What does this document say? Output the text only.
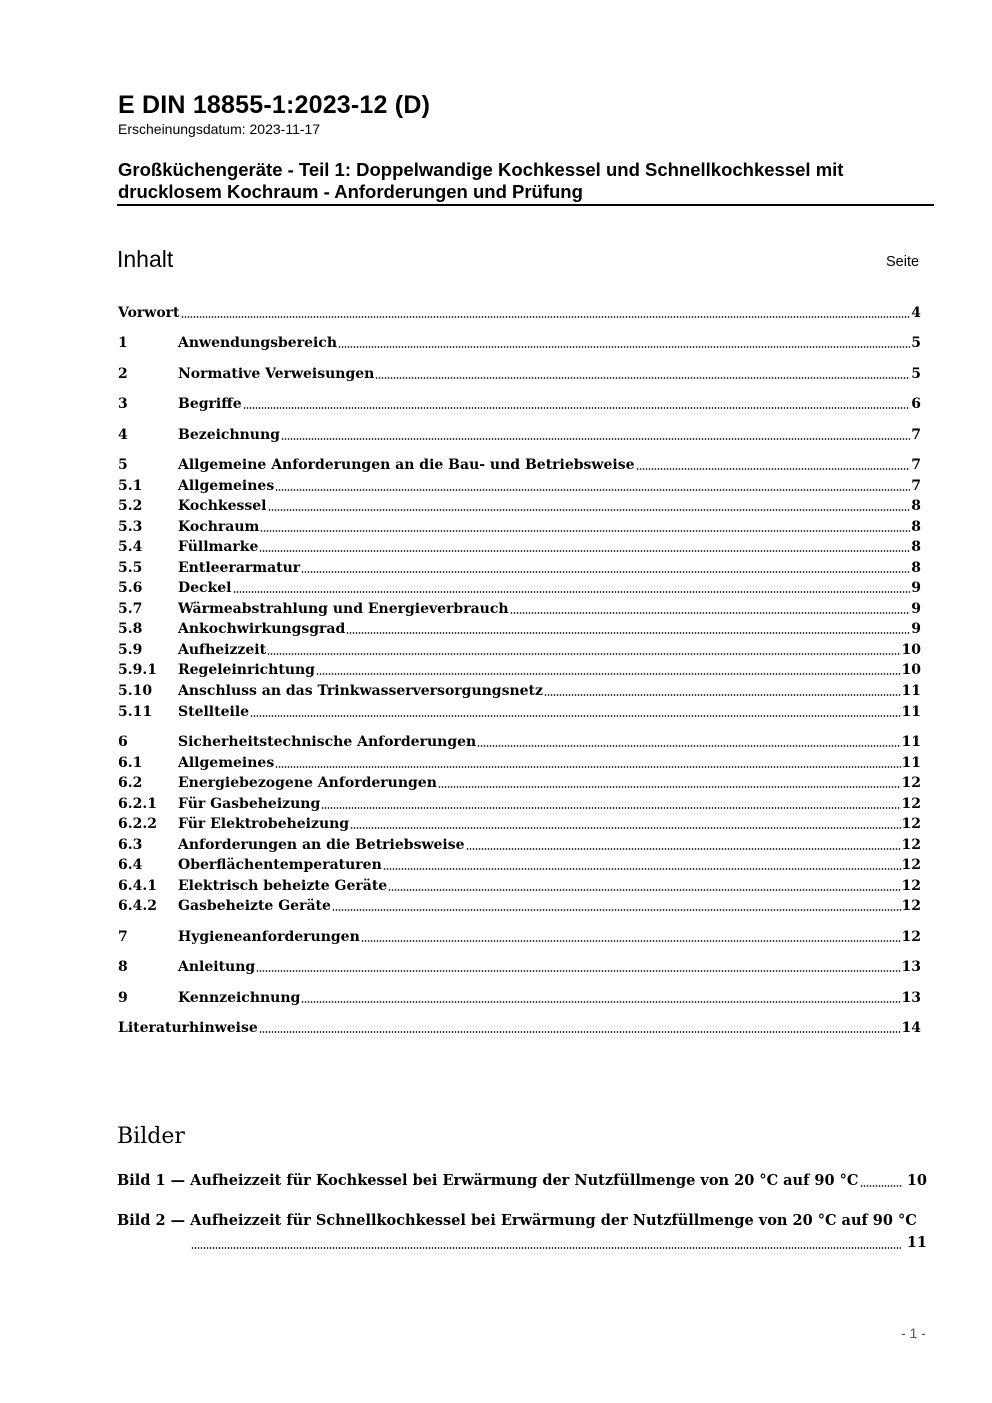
E DIN 18855-1:2023-12 (D)
Erscheinungsdatum: 2023-11-17
Großküchengeräte - Teil 1: Doppelwandige Kochkessel und Schnellkochkessel mit drucklosem Kochraum - Anforderungen und Prüfung
Inhalt	Seite
Vorwort	4
1	Anwendungsbereich	5
2	Normative Verweisungen	5
3	Begriffe	6
4	Bezeichnung	7
5	Allgemeine Anforderungen an die Bau- und Betriebsweise	7
5.1	Allgemeines	7
5.2	Kochkessel	8
5.3	Kochraum	8
5.4	Füllmarke	8
5.5	Entleerarmatur	8
5.6	Deckel	9
5.7	Wärmeabstrahlung und Energieverbrauch	9
5.8	Ankochwirkungsgrad	9
5.9	Aufheizzeit	10
5.9.1	Regeleinrichtung	10
5.10	Anschluss an das Trinkwasserversorgungsnetz	11
5.11	Stellteile	11
6	Sicherheitstechnische Anforderungen	11
6.1	Allgemeines	11
6.2	Energiebezogene Anforderungen	12
6.2.1	Für Gasbeheizung	12
6.2.2	Für Elektrobeheizung	12
6.3	Anforderungen an die Betriebsweise	12
6.4	Oberflächentemperaturen	12
6.4.1	Elektrisch beheizte Geräte	12
6.4.2	Gasbeheizte Geräte	12
7	Hygieneanforderungen	12
8	Anleitung	13
9	Kennzeichnung	13
Literaturhinweise	14
Bilder
Bild 1 — Aufheizzeit für Kochkessel bei Erwärmung der Nutzfüllmenge von 20 °C auf 90 °C	10
Bild 2 — Aufheizzeit für Schnellkochkessel bei Erwärmung der Nutzfüllmenge von 20 °C auf 90 °C
11
- 1 -
